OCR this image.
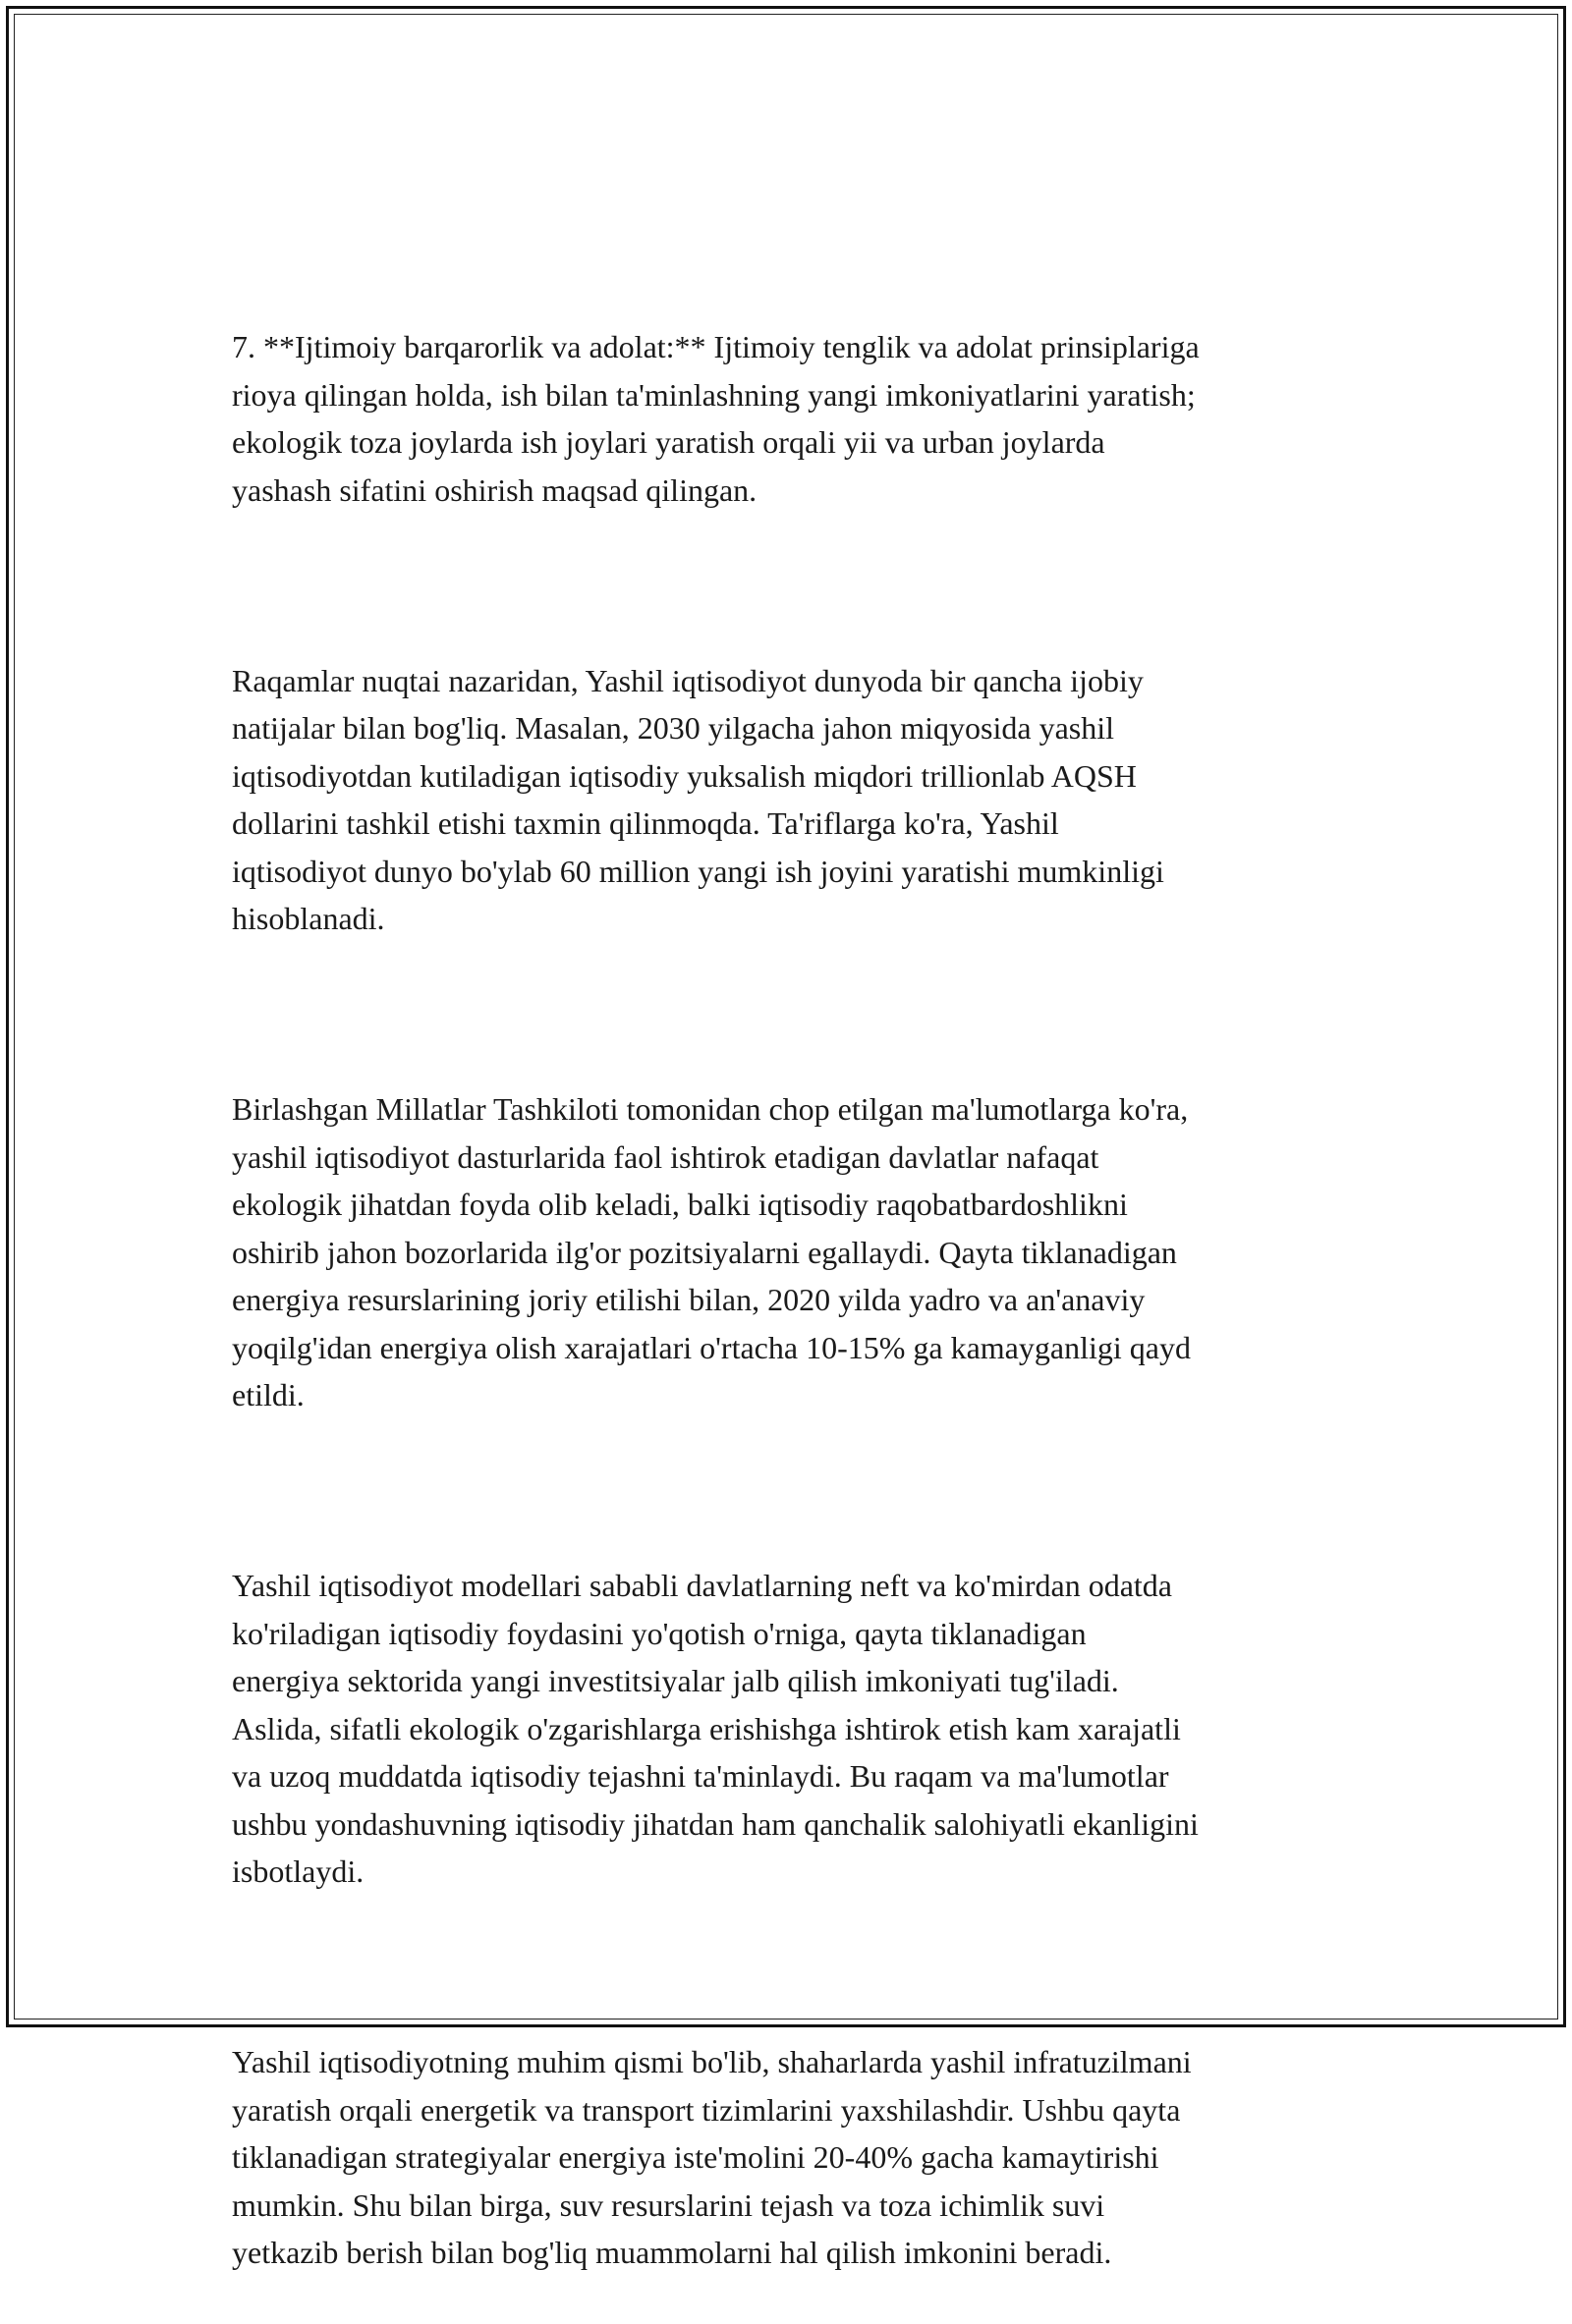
7. **Ijtimoiy barqarorlik va adolat:** Ijtimoiy tenglik va adolat prinsiplariga
rioya qilingan holda, ish bilan ta'minlashning yangi imkoniyatlarini yaratish;
ekologik toza joylarda ish joylari yaratish orqali yii va urban joylarda
yashash sifatini oshirish maqsad qilingan.

Raqamlar nuqtai nazaridan, Yashil iqtisodiyot dunyoda bir qancha ijobiy
natijalar bilan bog'liq. Masalan, 2030 yilgacha jahon miqyosida yashil
iqtisodiyotdan kutiladigan iqtisodiy yuksalish miqdori trillionlab AQSH
dollarini tashkil etishi taxmin qilinmoqda. Ta'riflarga ko'ra, Yashil
iqtisodiyot dunyo bo'ylab 60 million yangi ish joyini yaratishi mumkinligi
hisoblanadi.

Birlashgan Millatlar Tashkiloti tomonidan chop etilgan ma'lumotlarga ko'ra,
yashil iqtisodiyot dasturlarida faol ishtirok etadigan davlatlar nafaqat
ekologik jihatdan foyda olib keladi, balki iqtisodiy raqobatbardoshlikni
oshirib jahon bozorlarida ilg'or pozitsiyalarni egallaydi. Qayta tiklanadigan
energiya resurslarining joriy etilishi bilan, 2020 yilda yadro va an'anaviy
yoqilg'idan energiya olish xarajatlari o'rtacha 10-15% ga kamayganligi qayd
etildi.

Yashil iqtisodiyot modellari sababli davlatlarning neft va ko'mirdan odatda
ko'riladigan iqtisodiy foydasini yo'qotish o'rniga, qayta tiklanadigan
energiya sektorida yangi investitsiyalar jalb qilish imkoniyati tug'iladi.
Aslida, sifatli ekologik o'zgarishlarga erishishga ishtirok etish kam xarajatli
va uzoq muddatda iqtisodiy tejashni ta'minlaydi. Bu raqam va ma'lumotlar
ushbu yondashuvning iqtisodiy jihatdan ham qanchalik salohiyatli ekanligini
isbotlaydi.

Yashil iqtisodiyotning muhim qismi bo'lib, shaharlarda yashil infratuzilmani
yaratish orqali energetik va transport tizimlarini yaxshilashdir. Ushbu qayta
tiklanadigan strategiyalar energiya iste'molini 20-40% gacha kamaytirishi
mumkin. Shu bilan birga, suv resurslarini tejash va toza ichimlik suvi
yetkazib berish bilan bog'liq muammolarni hal qilish imkonini beradi.
